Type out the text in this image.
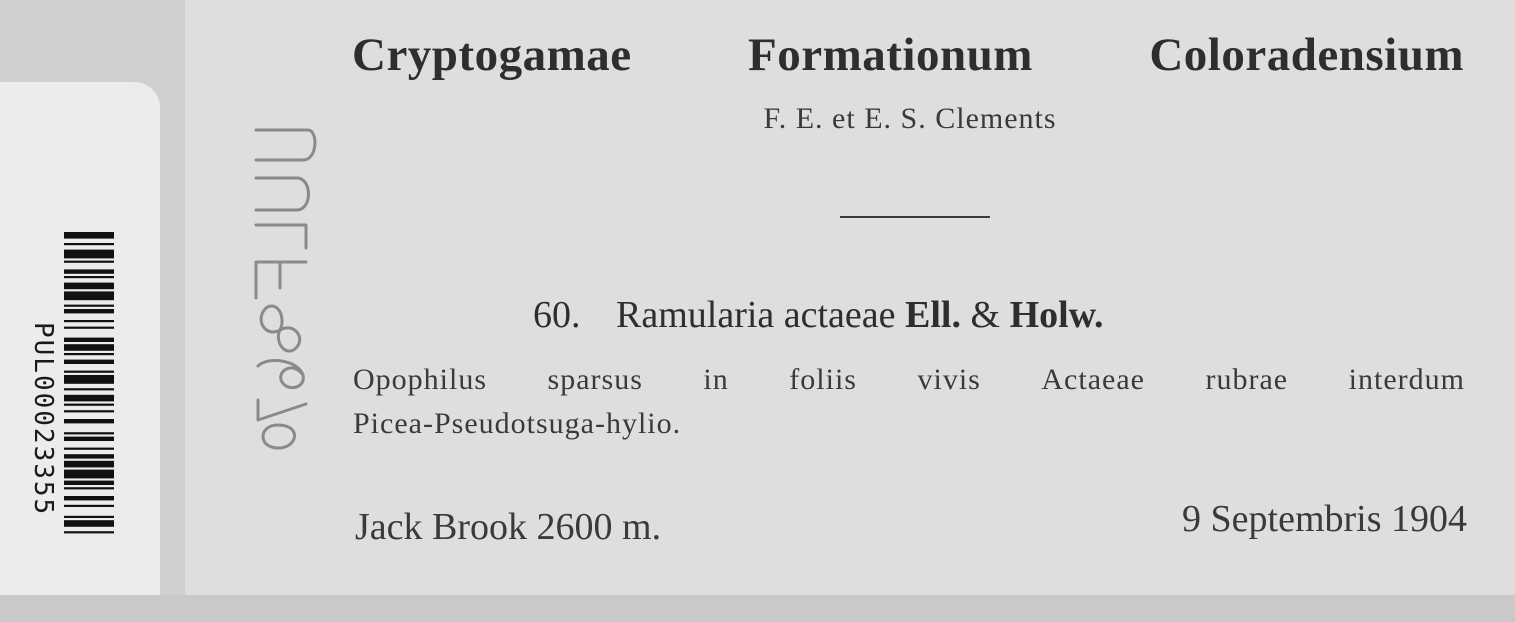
PUL00023355
Cryptogamae Formationum Coloradensium
F. E. et E. S. Clements
60. Ramularia actaeae Ell. & Holw.
Opophilus sparsus in foliis vivis Actaeae rubrae interdum
Picea-Pseudotsuga-hylio.
Jack Brook 2600 m.	9 Septembris 1904
